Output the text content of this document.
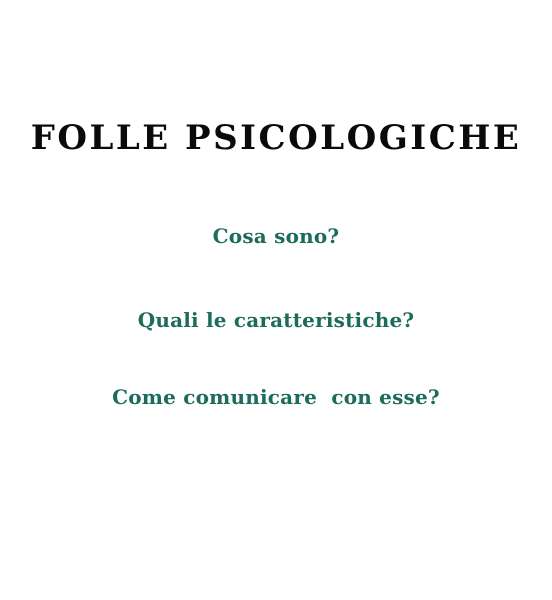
FOLLE PSICOLOGICHE

Cosa sono?

Quali le caratteristiche?

Come comunicare  con esse?
